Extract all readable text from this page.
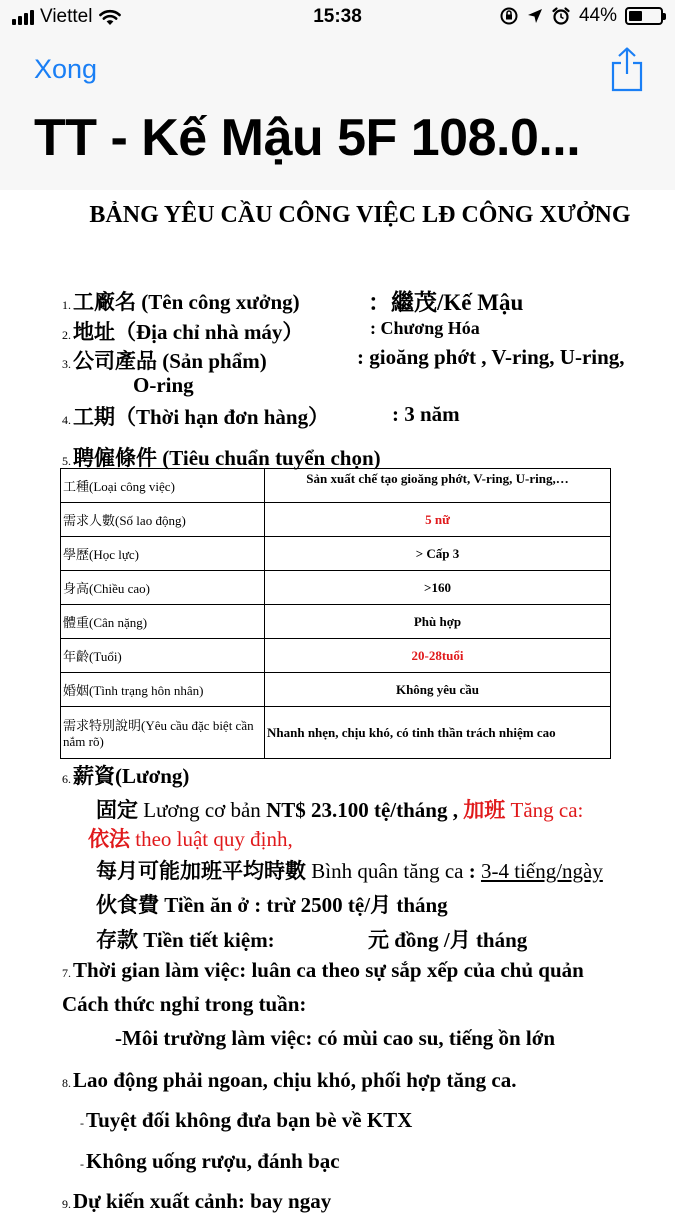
Viettel	15:38	44%
Xong
TT - Kế Mậu 5F 108.0...
BẢNG YÊU CẦU CÔNG VIỆC LĐ CÔNG XƯỞNG
1.工廠名 (Tên công xưởng)	：繼茂/Kế Mậu
2.地址（Địa chỉ nhà máy）	: Chương Hóa
3.公司產品 (Sản phẩm)	: gioăng phớt , V-ring, U-ring,
O-ring
4.工期（Thời hạn đơn hàng）	: 3 năm
5.聘僱條件 (Tiêu chuẩn tuyển chọn)
工種(Loại công việc)	Sản xuất chế tạo gioăng phớt, V-ring, U-ring,…
需求人數(Số lao động)	5 nữ
學歷(Học lực)	> Cấp 3
身高(Chiều cao)	>160
體重(Cân nặng)	Phù hợp
年齡(Tuổi)	20-28tuổi
婚姻(Tình trạng hôn nhân)	Không yêu cầu
需求特別說明(Yêu cầu đặc biệt cần nắm rõ)	Nhanh nhẹn, chịu khó, có tinh thần trách nhiệm cao
6.薪資(Lương)
固定 Lương cơ bản NT$ 23.100 tệ/tháng , 加班 Tăng ca:
依法 theo luật quy định,
每月可能加班平均時數 Bình quân tăng ca : 3-4 tiếng/ngày
伙食費 Tiền ăn ở : trừ 2500 tệ/月 tháng
存款 Tiền tiết kiệm:	元 đồng /月 tháng
7.Thời gian làm việc: luân ca theo sự sắp xếp của chủ quản
Cách thức nghỉ trong tuần:
-Môi trường làm việc: có mùi cao su, tiếng ồn lớn
8.Lao động phải ngoan, chịu khó, phối hợp tăng ca.
-Tuyệt đối không đưa bạn bè về KTX
-Không uống rượu, đánh bạc
9.Dự kiến xuất cảnh: bay ngay
